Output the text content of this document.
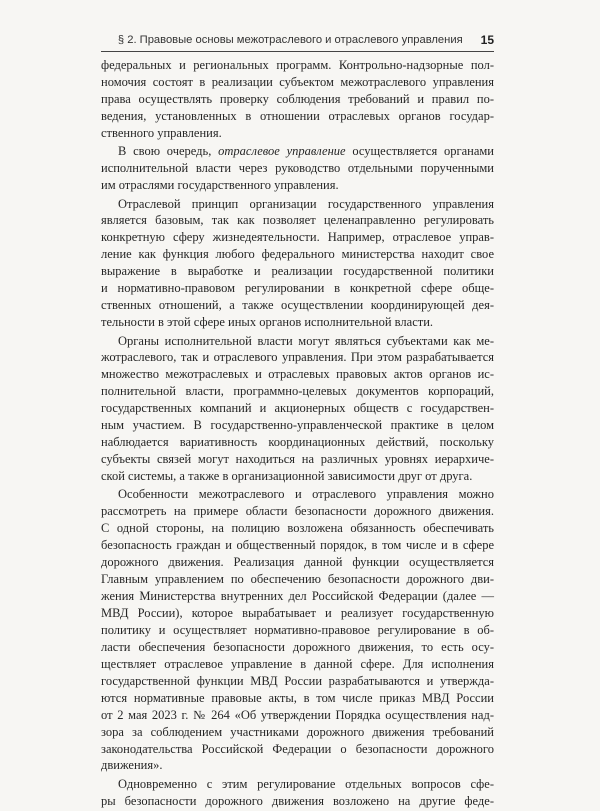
§ 2. Правовые основы межотраслевого и отраслевого управления 15
федеральных и региональных программ. Контрольно-надзорные пол-
номочия состоят в реализации субъектом межотраслевого управления
права осуществлять проверку соблюдения требований и правил по-
ведения, установленных в отношении отраслевых органов государ-
ственного управления.
В свою очередь, отраслевое управление осуществляется органами
исполнительной власти через руководство отдельными порученными
им отраслями государственного управления.
Отраслевой принцип организации государственного управления
является базовым, так как позволяет целенаправленно регулировать
конкретную сферу жизнедеятельности. Например, отраслевое управ-
ление как функция любого федерального министерства находит свое
выражение в выработке и реализации государственной политики
и нормативно-правовом регулировании в конкретной сфере обще-
ственных отношений, а также осуществлении координирующей дея-
тельности в этой сфере иных органов исполнительной власти.
Органы исполнительной власти могут являться субъектами как ме-
жотраслевого, так и отраслевого управления. При этом разрабатывается
множество межотраслевых и отраслевых правовых актов органов ис-
полнительной власти, программно-целевых документов корпораций,
государственных компаний и акционерных обществ с государствен-
ным участием. В государственно-управленческой практике в целом
наблюдается вариативность координационных действий, поскольку
субъекты связей могут находиться на различных уровнях иерархиче-
ской системы, а также в организационной зависимости друг от друга.
Особенности межотраслевого и отраслевого управления можно
рассмотреть на примере области безопасности дорожного движения.
С одной стороны, на полицию возложена обязанность обеспечивать
безопасность граждан и общественный порядок, в том числе и в сфере
дорожного движения. Реализация данной функции осуществляется
Главным управлением по обеспечению безопасности дорожного дви-
жения Министерства внутренних дел Российской Федерации (далее —
МВД России), которое вырабатывает и реализует государственную
политику и осуществляет нормативно-правовое регулирование в об-
ласти обеспечения безопасности дорожного движения, то есть осу-
ществляет отраслевое управление в данной сфере. Для исполнения
государственной функции МВД России разрабатываются и утвержда-
ются нормативные правовые акты, в том числе приказ МВД России
от 2 мая 2023 г. № 264 «Об утверждении Порядка осуществления над-
зора за соблюдением участниками дорожного движения требований
законодательства Российской Федерации о безопасности дорожного
движения».
Одновременно с этим регулирование отдельных вопросов сфе-
ры безопасности дорожного движения возложено на другие феде-
